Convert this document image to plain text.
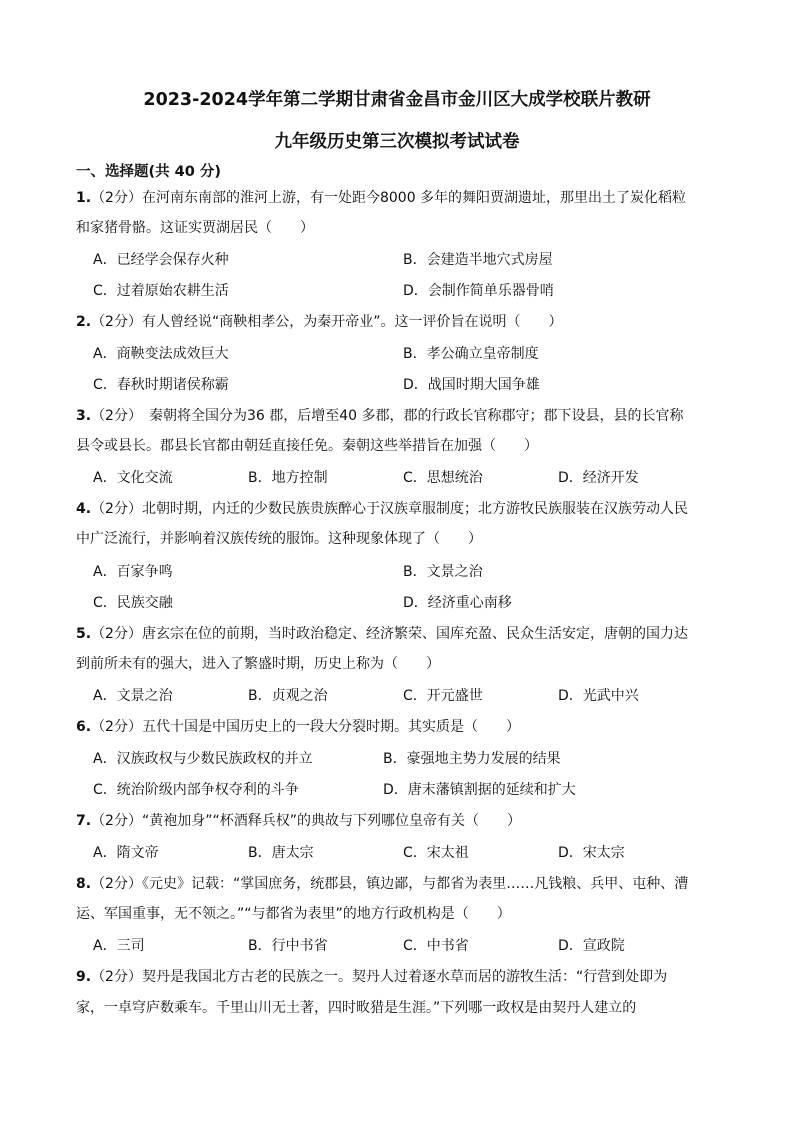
2023-2024学年第二学期甘肃省金昌市金川区大成学校联片教研
九年级历史第三次模拟考试试卷
一、选择题(共 40 分)
1.（2分）在河南东南部的淮河上游，有一处距今8000 多年的舞阳贾湖遗址，那里出土了炭化稻粒
和家猪骨骼。这证实贾湖居民（　　）
A．已经学会保存火种	B．会建造半地穴式房屋
C．过着原始农耕生活	D．会制作简单乐器骨哨
2.（2分）有人曾经说“商鞅相孝公，为秦开帝业”。这一评价旨在说明（　　）
A．商鞅变法成效巨大	B．孝公确立皇帝制度
C．春秋时期诸侯称霸	D．战国时期大国争雄
3.（2分）　秦朝将全国分为36 郡，后增至40 多郡，郡的行政长官称郡守；郡下设县，县的长官称
县令或县长。郡县长官都由朝廷直接任免。秦朝这些举措旨在加强（　　）
A．文化交流	B．地方控制	C．思想统治	D．经济开发
4.（2分）北朝时期，内迁的少数民族贵族醉心于汉族章服制度；北方游牧民族服装在汉族劳动人民
中广泛流行，并影响着汉族传统的服饰。这种现象体现了（　　）
A．百家争鸣	B．文景之治
C．民族交融	D．经济重心南移
5.（2分）唐玄宗在位的前期，当时政治稳定、经济繁荣、国库充盈、民众生活安定，唐朝的国力达
到前所未有的强大，进入了繁盛时期，历史上称为（　　）
A．文景之治	B．贞观之治	C．开元盛世	D．光武中兴
6.（2分）五代十国是中国历史上的一段大分裂时期。其实质是（　　）
A．汉族政权与少数民族政权的并立	B．豪强地主势力发展的结果
C．统治阶级内部争权夺利的斗争	D．唐末藩镇割据的延续和扩大
7.（2分）“黄袍加身”“杯酒释兵权”的典故与下列哪位皇帝有关（　　）
A．隋文帝	B．唐太宗	C．宋太祖	D．宋太宗
8.（2分）《元史》记载：“掌国庶务，统郡县，镇边鄙，与都省为表里……凡钱粮、兵甲、屯种、漕
运、军国重事，无不领之。”“与都省为表里”的地方行政机构是（　　）
A．三司	B．行中书省	C．中书省	D．宣政院
9.（2分）契丹是我国北方古老的民族之一。契丹人过着逐水草而居的游牧生活：“行营到处即为
家，一卓穹庐数乘车。千里山川无土著，四时畋猎是生涯。”下列哪一政权是由契丹人建立的
